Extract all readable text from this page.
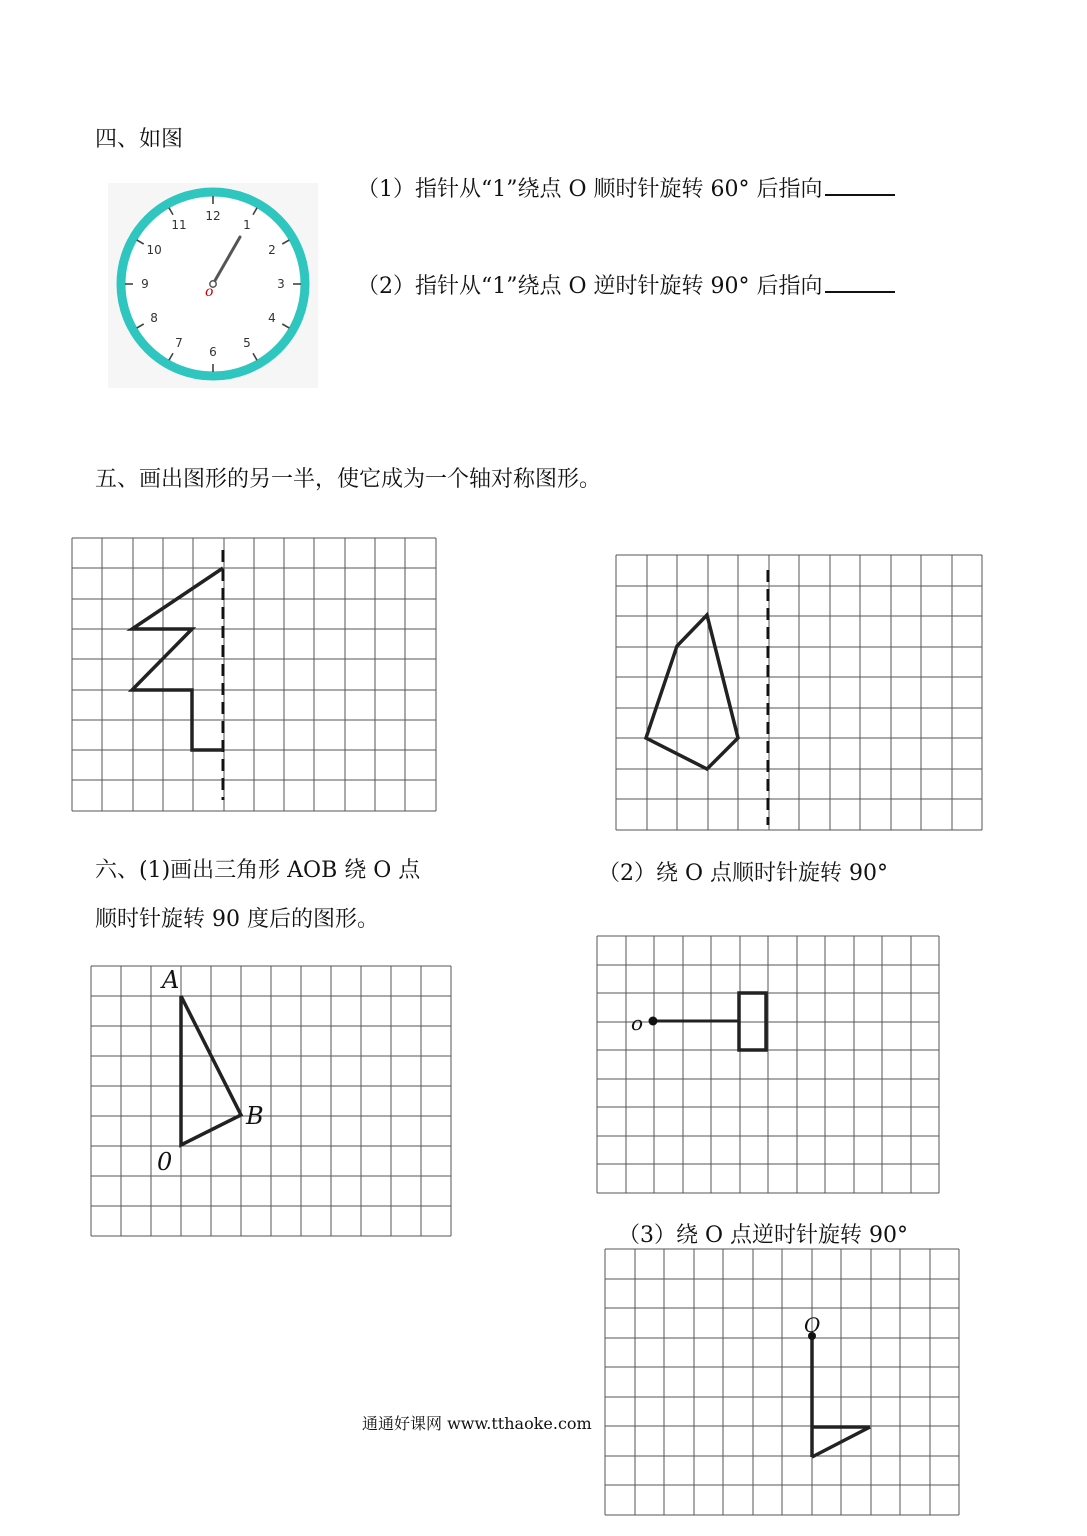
四、如图
12
1
2
3
4
5
6
7
8
9
10
11
o
（1）指针从“1”绕点 O 顺时针旋转 60° 后指向
（2）指针从“1”绕点 O 逆时针旋转 90° 后指向
五、画出图形的另一半，使它成为一个轴对称图形。
六、(1)画出三角形 AOB 绕 O 点
顺时针旋转 90 度后的图形。
（2）绕 O 点顺时针旋转 90°
（3）绕 O 点逆时针旋转 90°
A
B
0
o
O
通通好课网 www.tthaoke.com
